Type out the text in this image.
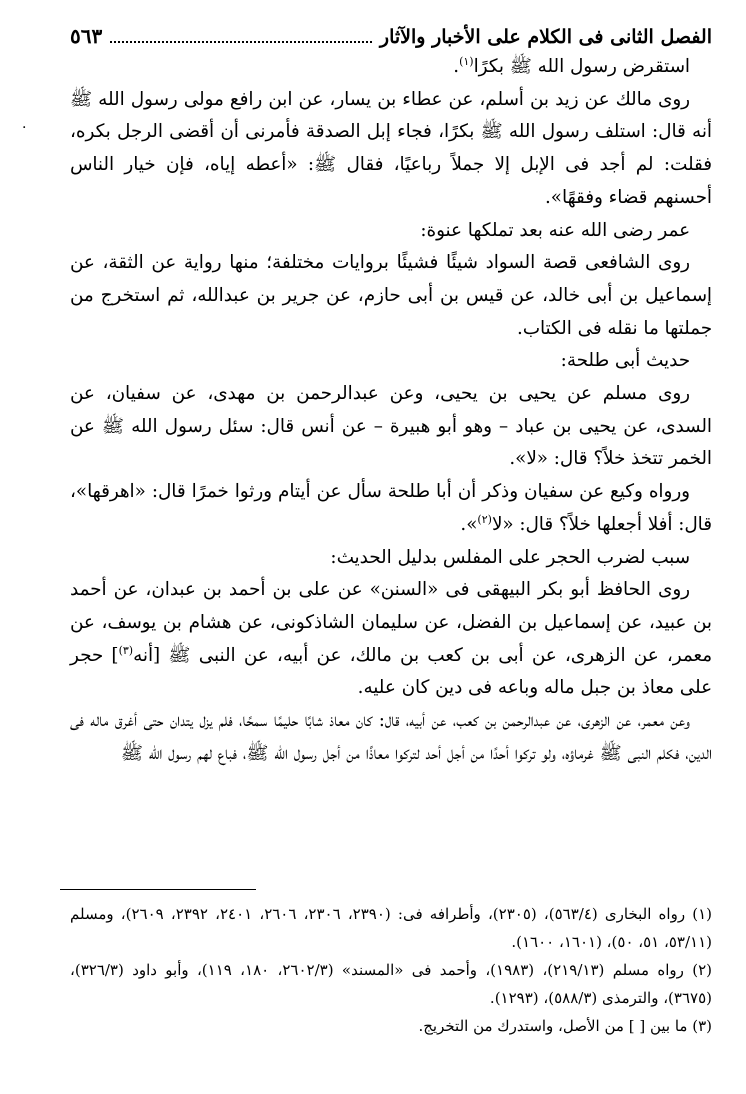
الفصل الثانى فى الكلام على الأخبار والآثار
٥٦٣

استقرض رسول الله ﷺ بكرًا$^{(١)}$.

روى مالك عن زيد بن أسلم، عن عطاء بن يسار، عن ابن رافع مولى رسول الله ﷺ أنه قال: استلف رسول الله ﷺ بكرًا، فجاء إبل الصدقة فأمرنى أن أقضى الرجل بكره، فقلت: لم أجد فى الإبل إلا جملاً رباعيًا، فقال ﷺ: «أعطه إياه، فإن خيار الناس أحسنهم قضاء وفقهًا».

عمر رضى الله عنه بعد تملكها عنوة:

روى الشافعى قصة السواد شيئًا فشيئًا بروايات مختلفة؛ منها رواية عن الثقة، عن إسماعيل بن أبى خالد، عن قيس بن أبى حازم، عن جرير بن عبدالله، ثم استخرج من جملتها ما نقله فى الكتاب.

حديث أبى طلحة:

روى مسلم عن يحيى بن يحيى، وعن عبدالرحمن بن مهدى، عن سفيان، عن السدى، عن يحيى بن عباد – وهو أبو هبيرة – عن أنس قال: سئل رسول الله ﷺ عن الخمر تتخذ خلاً؟ قال: «لا».

ورواه وكيع عن سفيان وذكر أن أبا طلحة سأل عن أيتام ورثوا خمرًا قال: «اهرقها»، قال: أفلا أجعلها خلاً؟ قال: «لا$^{(٢)}$».

سبب لضرب الحجر على المفلس بدليل الحديث:

روى الحافظ أبو بكر البيهقى فى «السنن» عن على بن أحمد بن عبدان، عن أحمد بن عبيد، عن إسماعيل بن الفضل، عن سليمان الشاذكونى، عن هشام بن يوسف، عن معمر، عن الزهرى، عن أبى بن كعب بن مالك، عن أبيه، عن النبى ﷺ [أنه$^{(٣)}$] حجر على معاذ بن جبل ماله وباعه فى دين كان عليه.

وعن معمر، عن الزهرى، عن عبدالرحمن بن كعب، عن أبيه، قال: كان معاذ شابًا حليمًا سمحًا، فلم يزل يتدان حتى أغرق ماله فى الدين، فكلم النبى ﷺ غرماؤه، ولو تركوا أحدًا من أجل أحد لتركوا معاذًا من أجل رسول الله ﷺ، فباع لهم رسول الله ﷺ

·

(١) رواه البخارى (٥٦٣/٤)، (٢٣٠٥)، وأطرافه فى: (٢٣٩٠، ٢٣٠٦، ٢٦٠٦، ٢٤٠١، ٢٣٩٢، ٢٦٠٩)، ومسلم (٥٣/١١، ٥١، ٥٠)، (١٦٠١، ١٦٠٠).

(٢) رواه مسلم (٢١٩/١٣)، (١٩٨٣)، وأحمد فى «المسند» (٢٦٠٢/٣، ١٨٠، ١١٩)، وأبو داود (٣٢٦/٣)، (٣٦٧٥)، والترمذى (٥٨٨/٣)، (١٢٩٣).

(٣) ما بين [ ] من الأصل، واستدرك من التخريج.
